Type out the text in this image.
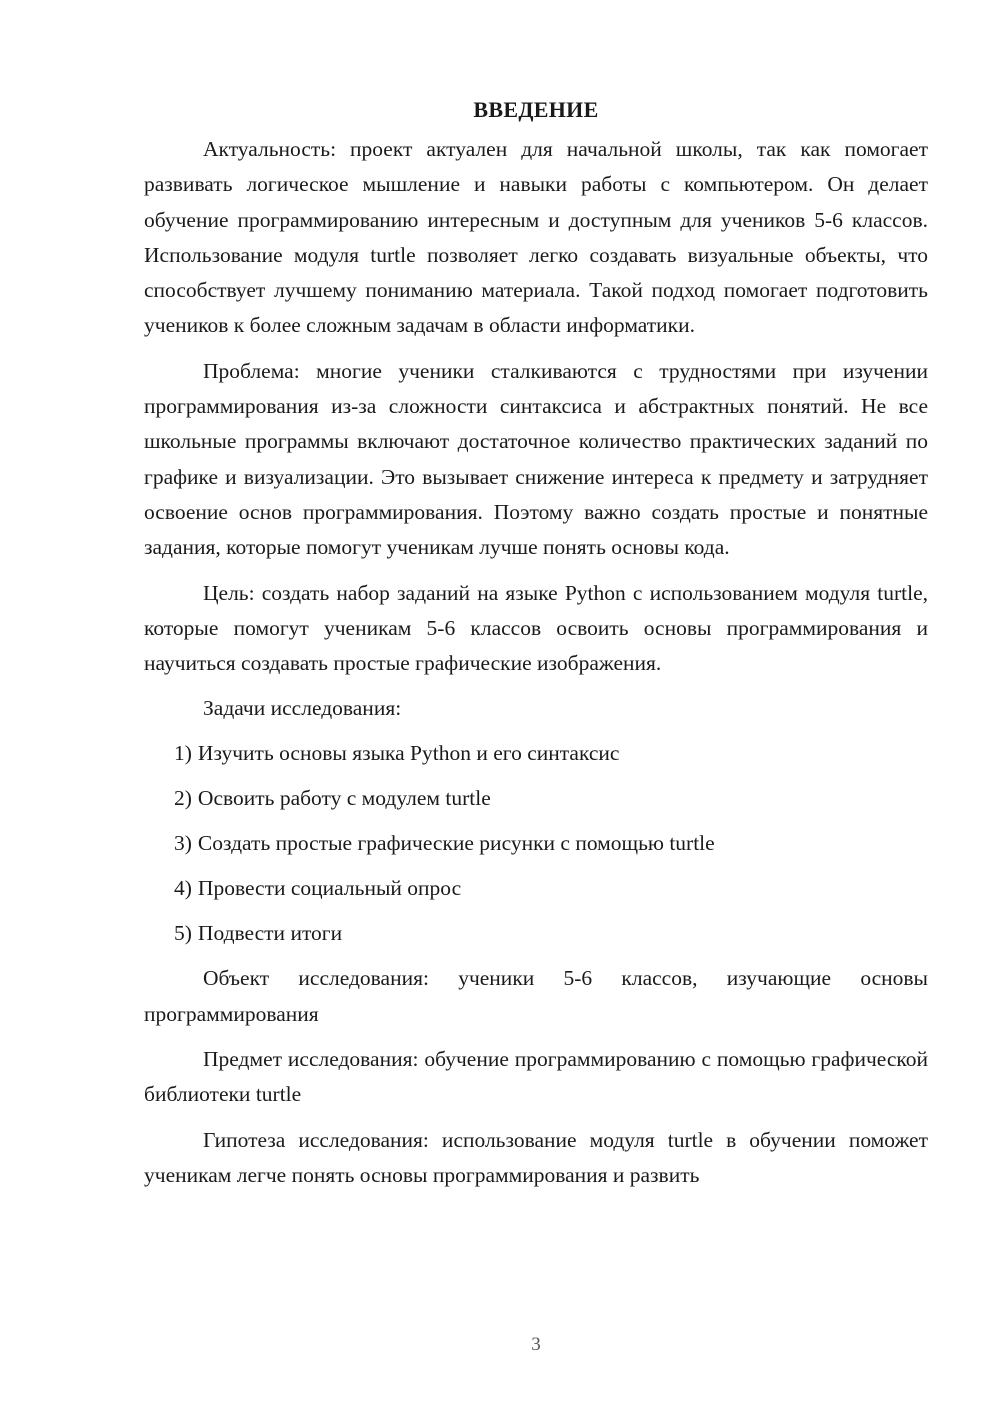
ВВЕДЕНИЕ

Актуальность: проект актуален для начальной школы, так как помогает развивать логическое мышление и навыки работы с компьютером. Он делает обучение программированию интересным и доступным для учеников 5-6 классов. Использование модуля turtle позволяет легко создавать визуальные объекты, что способствует лучшему пониманию материала. Такой подход помогает подготовить учеников к более сложным задачам в области информатики.

Проблема: многие ученики сталкиваются с трудностями при изучении программирования из-за сложности синтаксиса и абстрактных понятий. Не все школьные программы включают достаточное количество практических заданий по графике и визуализации. Это вызывает снижение интереса к предмету и затрудняет освоение основ программирования. Поэтому важно создать простые и понятные задания, которые помогут ученикам лучше понять основы кода.

Цель: создать набор заданий на языке Python с использованием модуля turtle, которые помогут ученикам 5-6 классов освоить основы программирования и научиться создавать простые графические изображения.

Задачи исследования:
1) Изучить основы языка Python и его синтаксис
2) Освоить работу с модулем turtle
3) Создать простые графические рисунки с помощью turtle
4) Провести социальный опрос
5) Подвести итоги

Объект исследования: ученики 5-6 классов, изучающие основы программирования

Предмет исследования: обучение программированию с помощью графической библиотеки turtle

Гипотеза исследования: использование модуля turtle в обучении поможет ученикам легче понять основы программирования и развить

3
